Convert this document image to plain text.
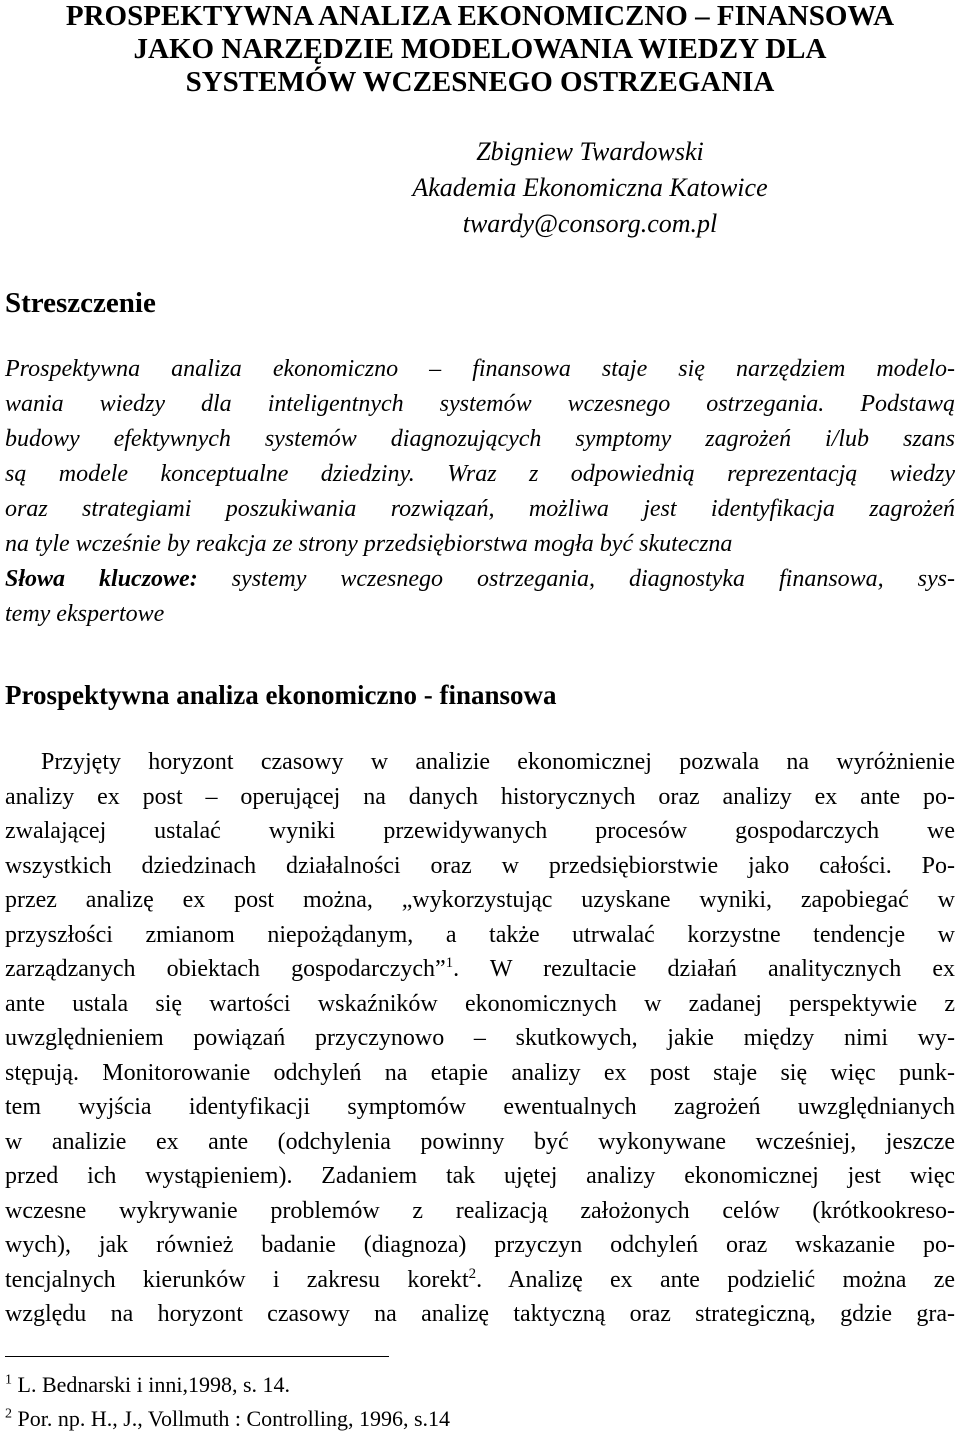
PROSPEKTYWNA ANALIZA EKONOMICZNO – FINANSOWA
JAKO NARZĘDZIE MODELOWANIA WIEDZY DLA
SYSTEMÓW WCZESNEGO OSTRZEGANIA
Zbigniew Twardowski
Akademia Ekonomiczna Katowice
twardy@consorg.com.pl
Streszczenie
Prospektywna analiza ekonomiczno – finansowa staje się narzędziem modelo-
wania wiedzy dla inteligentnych systemów wczesnego ostrzegania. Podstawą
budowy efektywnych systemów diagnozujących symptomy zagrożeń i/lub szans
są modele konceptualne dziedziny. Wraz z odpowiednią reprezentacją wiedzy
oraz strategiami poszukiwania rozwiązań, możliwa jest identyfikacja zagrożeń
na tyle wcześnie by reakcja ze strony przedsiębiorstwa mogła być skuteczna
Słowa kluczowe: systemy wczesnego ostrzegania, diagnostyka finansowa, sys-
temy ekspertowe
Prospektywna analiza ekonomiczno - finansowa
Przyjęty horyzont czasowy w analizie ekonomicznej pozwala na wyróżnienie
analizy ex post – operującej na danych historycznych oraz analizy ex ante po-
zwalającej ustalać wyniki przewidywanych procesów gospodarczych we
wszystkich dziedzinach działalności oraz w przedsiębiorstwie jako całości. Po-
przez analizę ex post można, „wykorzystując uzyskane wyniki, zapobiegać w
przyszłości zmianom niepożądanym, a także utrwalać korzystne tendencje w
zarządzanych obiektach gospodarczych”$^1$. W rezultacie działań analitycznych ex
ante ustala się wartości wskaźników ekonomicznych w zadanej perspektywie z
uwzględnieniem powiązań przyczynowo – skutkowych, jakie między nimi wy-
stępują. Monitorowanie odchyleń na etapie analizy ex post staje się więc punk-
tem wyjścia identyfikacji symptomów ewentualnych zagrożeń uwzględnianych
w analizie ex ante (odchylenia powinny być wykonywane wcześniej, jeszcze
przed ich wystąpieniem). Zadaniem tak ujętej analizy ekonomicznej jest więc
wczesne wykrywanie problemów z realizacją założonych celów (krótkookreso-
wych), jak również badanie (diagnoza) przyczyn odchyleń oraz wskazanie po-
tencjalnych kierunków i zakresu korekt$^2$. Analizę ex ante podzielić można ze
względu na horyzont czasowy na analizę taktyczną oraz strategiczną, gdzie gra-
$^1$ L. Bednarski i inni,1998, s. 14.
$^2$ Por. np. H., J., Vollmuth : Controlling, 1996, s.14
